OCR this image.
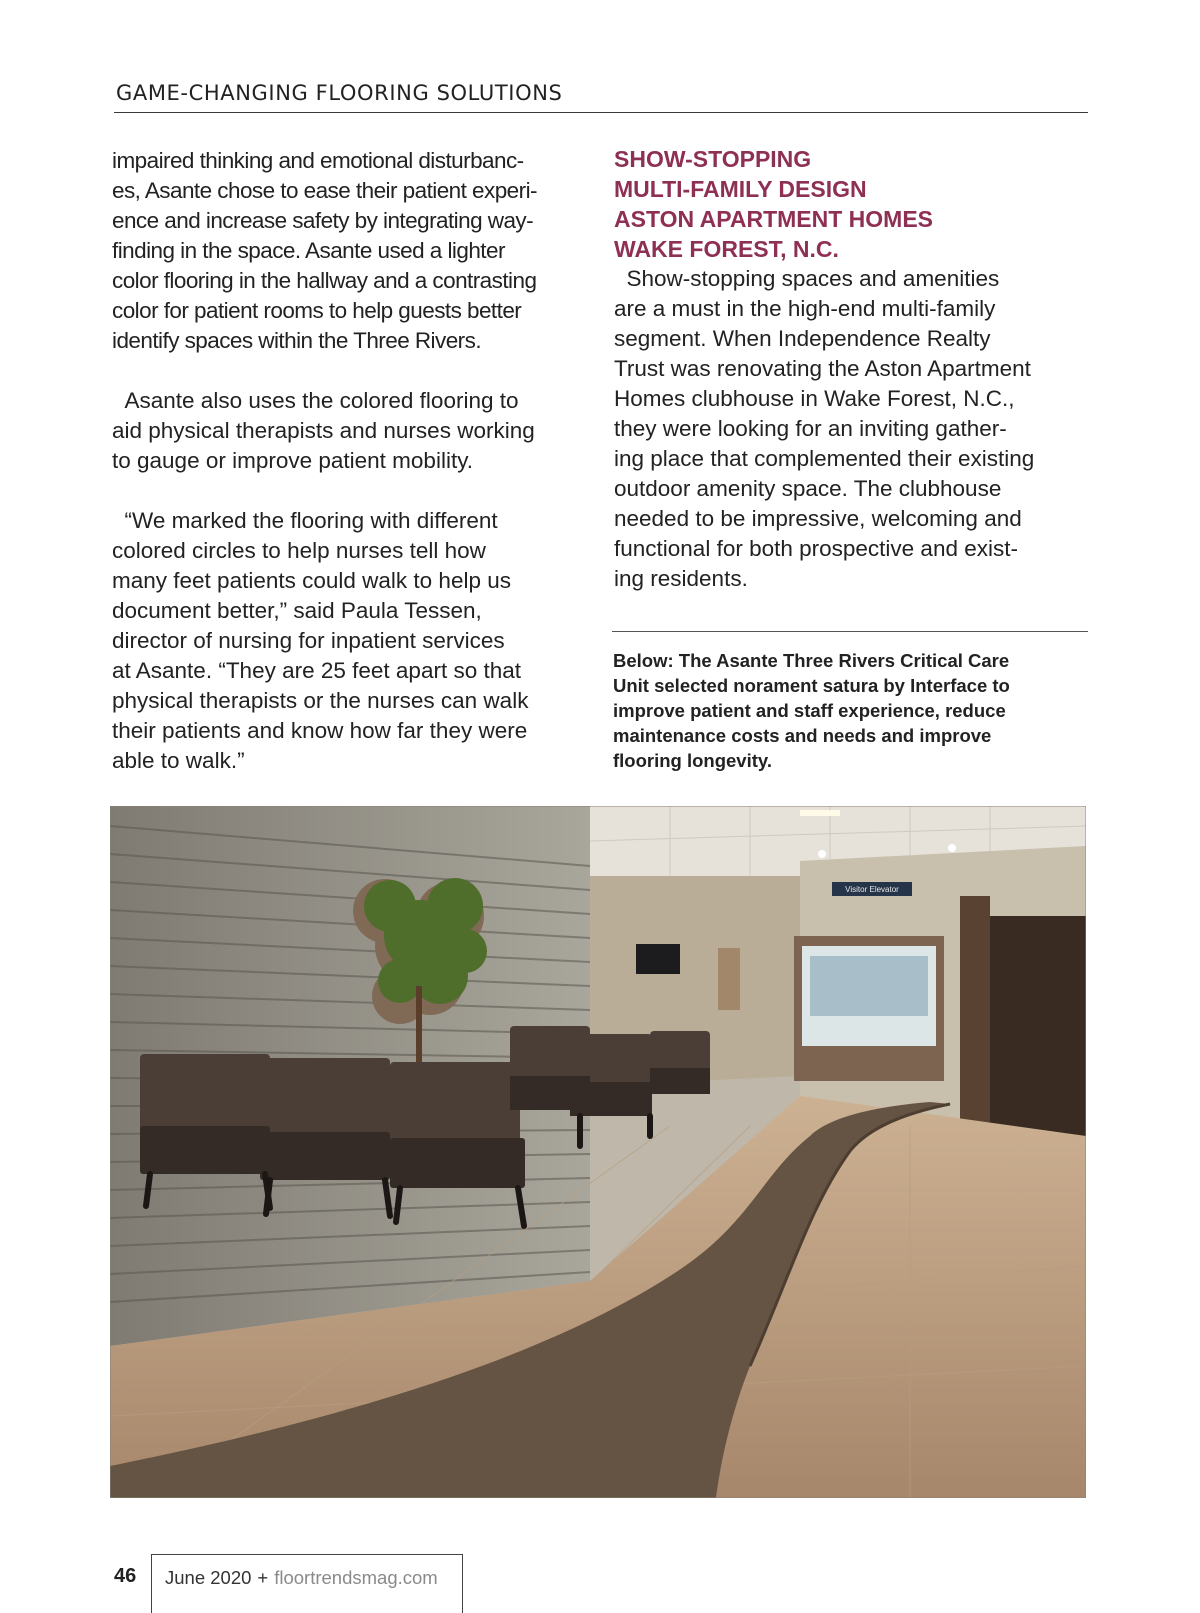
GAME-CHANGING FLOORING SOLUTIONS

impaired thinking and emotional disturbanc-
es, Asante chose to ease their patient experi-
ence and increase safety by integrating way-
finding in the space. Asante used a lighter
color flooring in the hallway and a contrasting
color for patient rooms to help guests better
identify spaces within the Three Rivers.

Asante also uses the colored flooring to
aid physical therapists and nurses working
to gauge or improve patient mobility.

“We marked the flooring with different
colored circles to help nurses tell how
many feet patients could walk to help us
document better,” said Paula Tessen,
director of nursing for inpatient services
at Asante. “They are 25 feet apart so that
physical therapists or the nurses can walk
their patients and know how far they were
able to walk.”

SHOW-STOPPING
MULTI-FAMILY DESIGN
ASTON APARTMENT HOMES
WAKE FOREST, N.C.

Show-stopping spaces and amenities
are a must in the high-end multi-family
segment. When Independence Realty
Trust was renovating the Aston Apartment
Homes clubhouse in Wake Forest, N.C.,
they were looking for an inviting gather-
ing place that complemented their existing
outdoor amenity space. The clubhouse
needed to be impressive, welcoming and
functional for both prospective and exist-
ing residents.

Below: The Asante Three Rivers Critical Care
Unit selected norament satura by Interface to
improve patient and staff experience, reduce
maintenance costs and needs and improve
flooring longevity.
Visitor Elevator
46 June 2020 + floortrendsmag.com
